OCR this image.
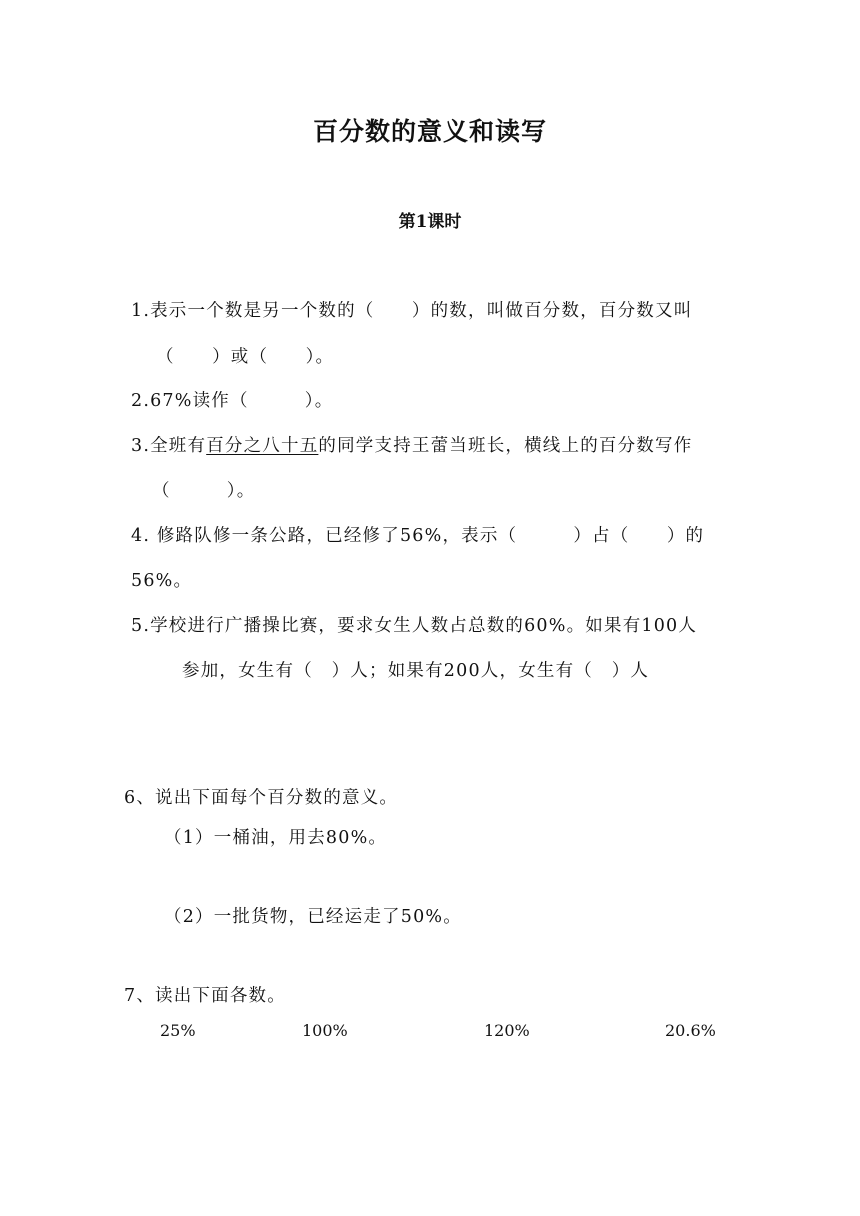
百分数的意义和读写
第1课时
1.表示一个数是另一个数的（　　）的数，叫做百分数，百分数又叫
（　　）或（　　）。
2.67%读作（　　　）。
3.全班有百分之八十五的同学支持王蕾当班长，横线上的百分数写作
（　　　）。
4. 修路队修一条公路，已经修了56%，表示（　　　）占（　　）的
56%。
5.学校进行广播操比赛，要求女生人数占总数的60%。如果有100人
参加，女生有（　）人；如果有200人，女生有（　）人
6、说出下面每个百分数的意义。
（1）一桶油，用去80%。
（2）一批货物，已经运走了50%。
7、读出下面各数。
25%	100%	120%	20.6%
